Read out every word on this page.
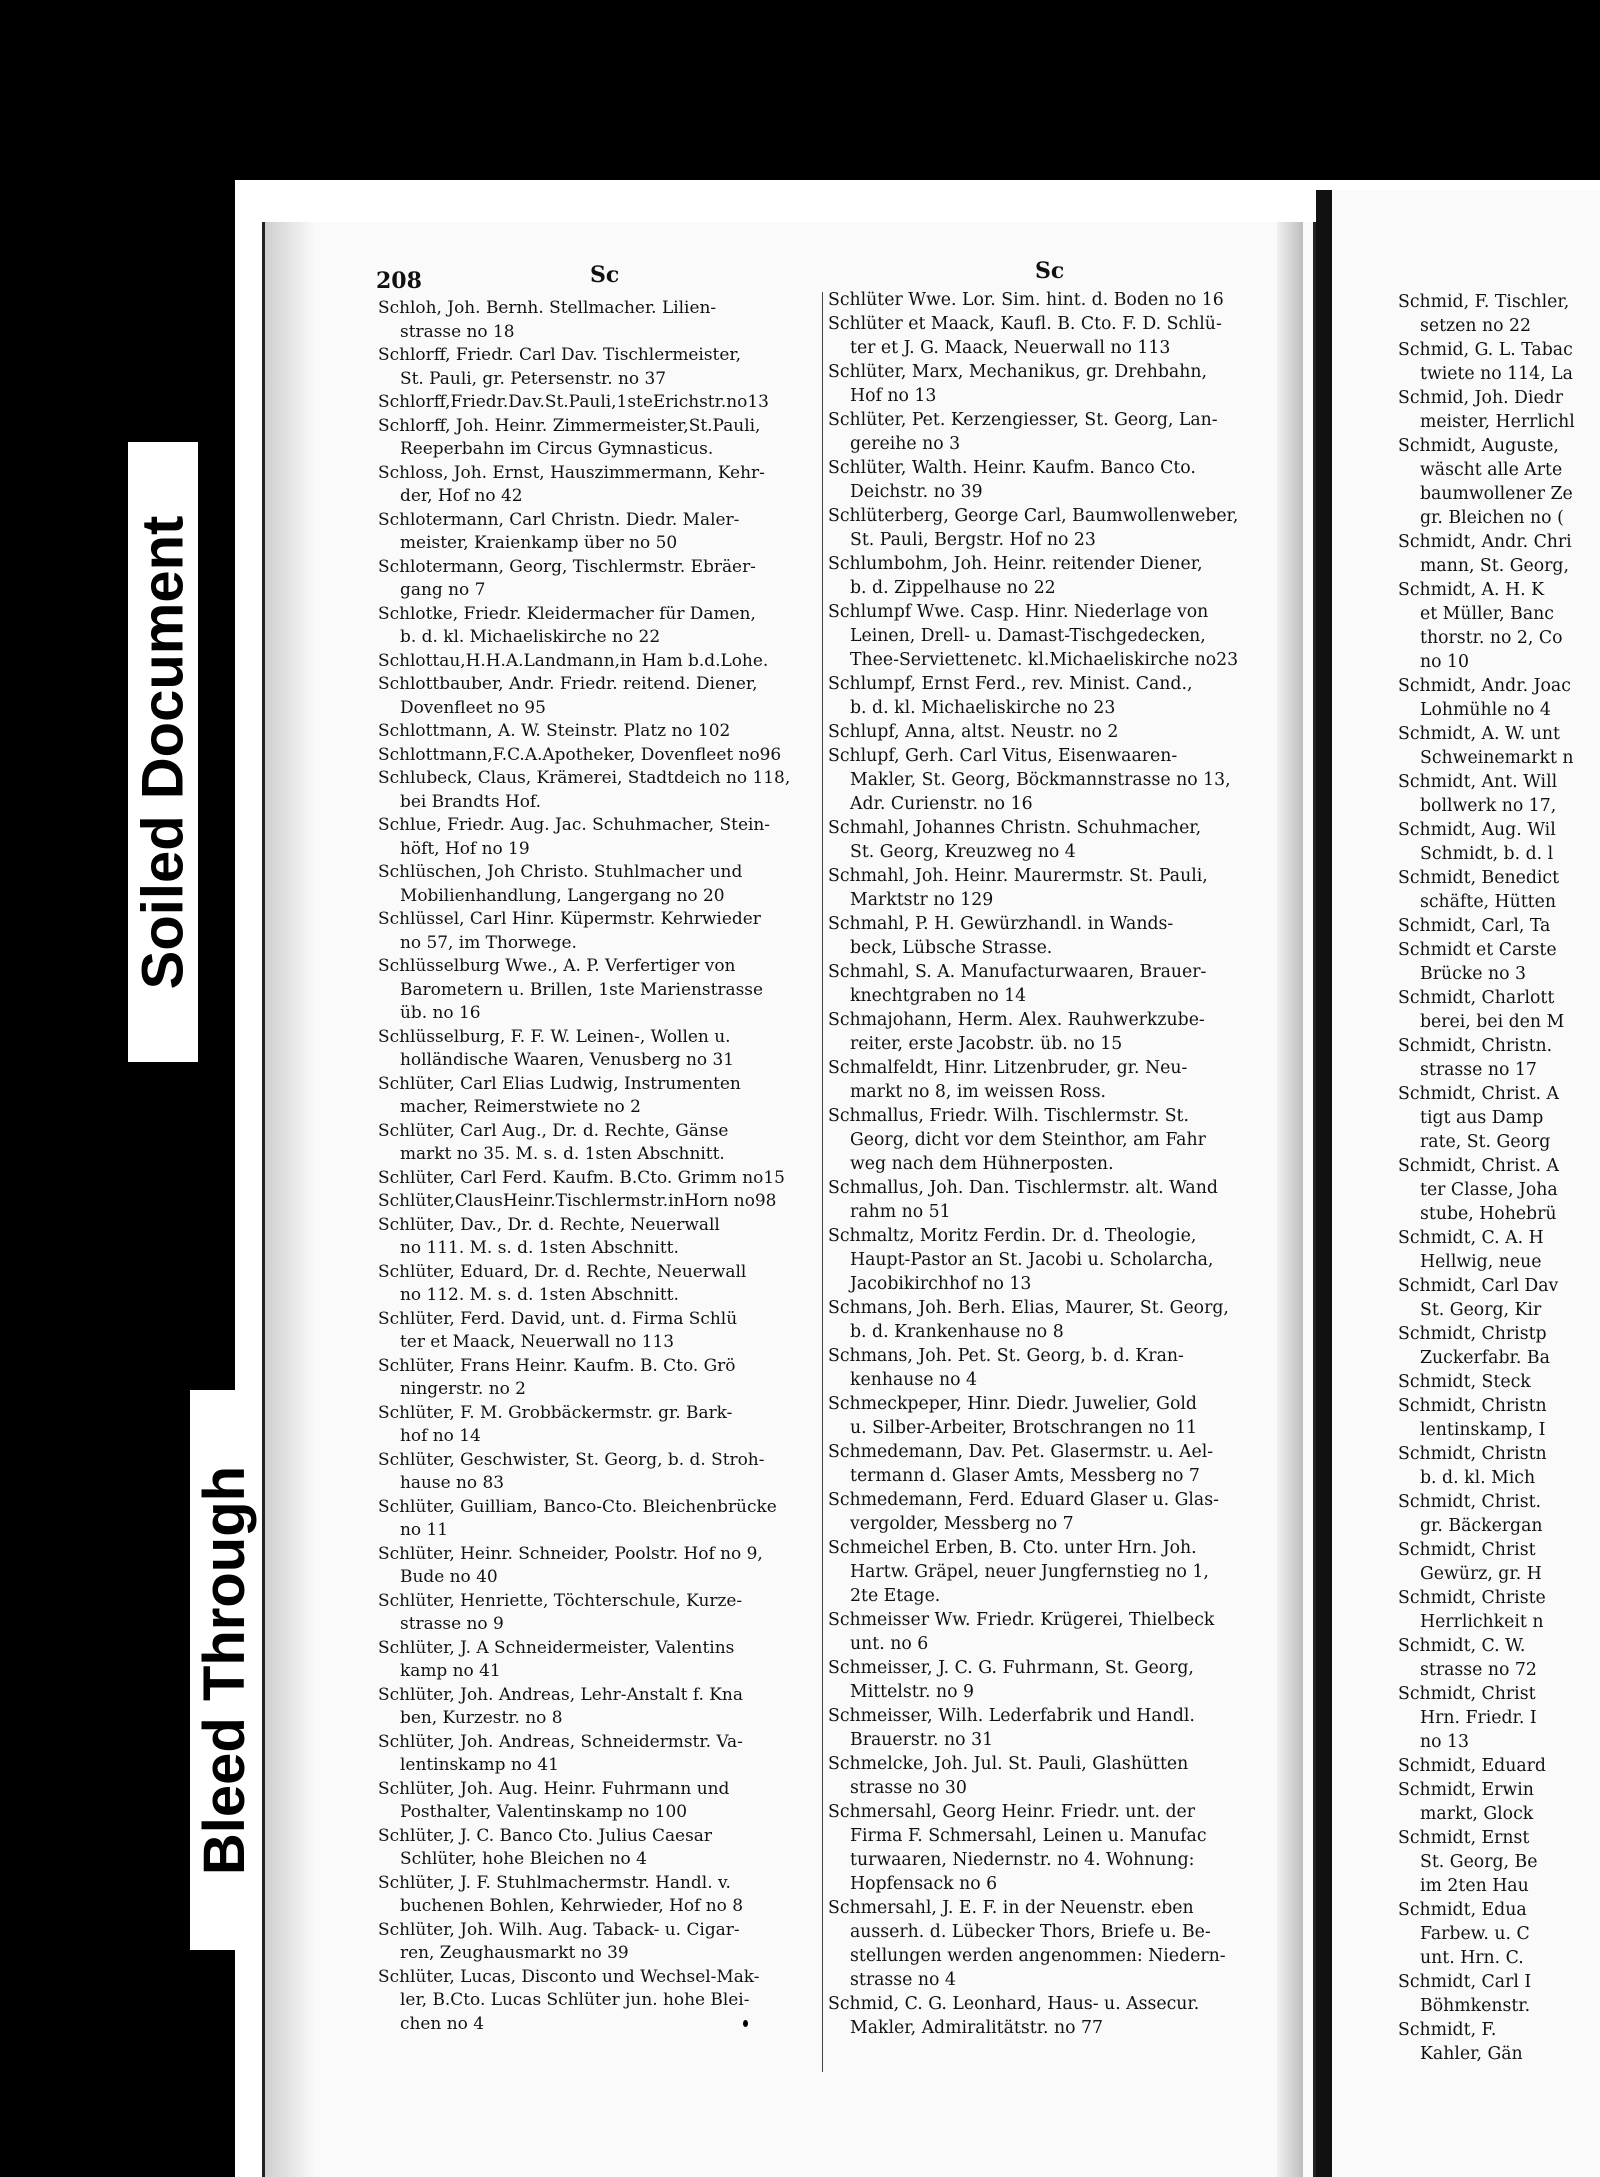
Soiled Document
Bleed Through
208	Sc	Sc
Schloh, Joh. Bernh. Stellmacher. Lilien-
strasse no 18
Schlorff, Friedr. Carl Dav. Tischlermeister,
St. Pauli, gr. Petersenstr. no 37
Schlorff,Friedr.Dav.St.Pauli,1steErichstr.no13
Schlorff, Joh. Heinr. Zimmermeister,St.Pauli,
Reeperbahn im Circus Gymnasticus.
Schloss, Joh. Ernst, Hauszimmermann, Kehr-
der, Hof no 42
Schlotermann, Carl Christn. Diedr. Maler-
meister, Kraienkamp über no 50
Schlotermann, Georg, Tischlermstr. Ebräer-
gang no 7
Schlotke, Friedr. Kleidermacher für Damen,
b. d. kl. Michaeliskirche no 22
Schlottau,H.H.A.Landmann,in Ham b.d.Lohe.
Schlottbauber, Andr. Friedr. reitend. Diener,
Dovenfleet no 95
Schlottmann, A. W. Steinstr. Platz no 102
Schlottmann,F.C.A.Apotheker, Dovenfleet no96
Schlubeck, Claus, Krämerei, Stadtdeich no 118,
bei Brandts Hof.
Schlue, Friedr. Aug. Jac. Schuhmacher, Stein-
höft, Hof no 19
Schlüschen, Joh Christo. Stuhlmacher und
Mobilienhandlung, Langergang no 20
Schlüssel, Carl Hinr. Küpermstr. Kehrwieder
no 57, im Thorwege.
Schlüsselburg Wwe., A. P. Verfertiger von
Barometern u. Brillen, 1ste Marienstrasse
üb. no 16
Schlüsselburg, F. F. W. Leinen-, Wollen u.
holländische Waaren, Venusberg no 31
Schlüter, Carl Elias Ludwig, Instrumenten
macher, Reimerstwiete no 2
Schlüter, Carl Aug., Dr. d. Rechte, Gänse
markt no 35. M. s. d. 1sten Abschnitt.
Schlüter, Carl Ferd. Kaufm. B.Cto. Grimm no15
Schlüter,ClausHeinr.Tischlermstr.inHorn no98
Schlüter, Dav., Dr. d. Rechte, Neuerwall
no 111. M. s. d. 1sten Abschnitt.
Schlüter, Eduard, Dr. d. Rechte, Neuerwall
no 112. M. s. d. 1sten Abschnitt.
Schlüter, Ferd. David, unt. d. Firma Schlü
ter et Maack, Neuerwall no 113
Schlüter, Frans Heinr. Kaufm. B. Cto. Grö
ningerstr. no 2
Schlüter, F. M. Grobbäckermstr. gr. Bark-
hof no 14
Schlüter, Geschwister, St. Georg, b. d. Stroh-
hause no 83
Schlüter, Guilliam, Banco-Cto. Bleichenbrücke
no 11
Schlüter, Heinr. Schneider, Poolstr. Hof no 9,
Bude no 40
Schlüter, Henriette, Töchterschule, Kurze-
strasse no 9
Schlüter, J. A Schneidermeister, Valentins
kamp no 41
Schlüter, Joh. Andreas, Lehr-Anstalt f. Kna
ben, Kurzestr. no 8
Schlüter, Joh. Andreas, Schneidermstr. Va-
lentinskamp no 41
Schlüter, Joh. Aug. Heinr. Fuhrmann und
Posthalter, Valentinskamp no 100
Schlüter, J. C. Banco Cto. Julius Caesar
Schlüter, hohe Bleichen no 4
Schlüter, J. F. Stuhlmachermstr. Handl. v.
buchenen Bohlen, Kehrwieder, Hof no 8
Schlüter, Joh. Wilh. Aug. Taback- u. Cigar-
ren, Zeughausmarkt no 39
Schlüter, Lucas, Disconto und Wechsel-Mak-
ler, B.Cto. Lucas Schlüter jun. hohe Blei-
chen no 4
Schlüter Wwe. Lor. Sim. hint. d. Boden no 16
Schlüter et Maack, Kaufl. B. Cto. F. D. Schlü-
ter et J. G. Maack, Neuerwall no 113
Schlüter, Marx, Mechanikus, gr. Drehbahn,
Hof no 13
Schlüter, Pet. Kerzengiesser, St. Georg, Lan-
gereihe no 3
Schlüter, Walth. Heinr. Kaufm. Banco Cto.
Deichstr. no 39
Schlüterberg, George Carl, Baumwollenweber,
St. Pauli, Bergstr. Hof no 23
Schlumbohm, Joh. Heinr. reitender Diener,
b. d. Zippelhause no 22
Schlumpf Wwe. Casp. Hinr. Niederlage von
Leinen, Drell- u. Damast-Tischgedecken,
Thee-Serviettenetc. kl.Michaeliskirche no23
Schlumpf, Ernst Ferd., rev. Minist. Cand.,
b. d. kl. Michaeliskirche no 23
Schlupf, Anna, altst. Neustr. no 2
Schlupf, Gerh. Carl Vitus, Eisenwaaren-
Makler, St. Georg, Böckmannstrasse no 13,
Adr. Curienstr. no 16
Schmahl, Johannes Christn. Schuhmacher,
St. Georg, Kreuzweg no 4
Schmahl, Joh. Heinr. Maurermstr. St. Pauli,
Marktstr no 129
Schmahl, P. H. Gewürzhandl. in Wands-
beck, Lübsche Strasse.
Schmahl, S. A. Manufacturwaaren, Brauer-
knechtgraben no 14
Schmajohann, Herm. Alex. Rauhwerkzube-
reiter, erste Jacobstr. üb. no 15
Schmalfeldt, Hinr. Litzenbruder, gr. Neu-
markt no 8, im weissen Ross.
Schmallus, Friedr. Wilh. Tischlermstr. St.
Georg, dicht vor dem Steinthor, am Fahr
weg nach dem Hühnerposten.
Schmallus, Joh. Dan. Tischlermstr. alt. Wand
rahm no 51
Schmaltz, Moritz Ferdin. Dr. d. Theologie,
Haupt-Pastor an St. Jacobi u. Scholarcha,
Jacobikirchhof no 13
Schmans, Joh. Berh. Elias, Maurer, St. Georg,
b. d. Krankenhause no 8
Schmans, Joh. Pet. St. Georg, b. d. Kran-
kenhause no 4
Schmeckpeper, Hinr. Diedr. Juwelier, Gold
u. Silber-Arbeiter, Brotschrangen no 11
Schmedemann, Dav. Pet. Glasermstr. u. Ael-
termann d. Glaser Amts, Messberg no 7
Schmedemann, Ferd. Eduard Glaser u. Glas-
vergolder, Messberg no 7
Schmeichel Erben, B. Cto. unter Hrn. Joh.
Hartw. Gräpel, neuer Jungfernstieg no 1,
2te Etage.
Schmeisser Ww. Friedr. Krügerei, Thielbeck
unt. no 6
Schmeisser, J. C. G. Fuhrmann, St. Georg,
Mittelstr. no 9
Schmeisser, Wilh. Lederfabrik und Handl.
Brauerstr. no 31
Schmelcke, Joh. Jul. St. Pauli, Glashütten
strasse no 30
Schmersahl, Georg Heinr. Friedr. unt. der
Firma F. Schmersahl, Leinen u. Manufac
turwaaren, Niedernstr. no 4. Wohnung:
Hopfensack no 6
Schmersahl, J. E. F. in der Neuenstr. eben
ausserh. d. Lübecker Thors, Briefe u. Be-
stellungen werden angenommen: Niedern-
strasse no 4
Schmid, C. G. Leonhard, Haus- u. Assecur.
Makler, Admiralitätstr. no 77
Schmid, F. Tischler,
setzen no 22
Schmid, G. L. Tabac
twiete no 114, La
Schmid, Joh. Diedr
meister, Herrlichl
Schmidt, Auguste,
wäscht alle Arte
baumwollener Ze
gr. Bleichen no (
Schmidt, Andr. Chri
mann, St. Georg,
Schmidt, A. H. K
et Müller, Banc
thorstr. no 2, Co
no 10
Schmidt, Andr. Joac
Lohmühle no 4
Schmidt, A. W. unt
Schweinemarkt n
Schmidt, Ant. Will
bollwerk no 17,
Schmidt, Aug. Wil
Schmidt, b. d. l
Schmidt, Benedict
schäfte, Hütten
Schmidt, Carl, Ta
Schmidt et Carste
Brücke no 3
Schmidt, Charlott
berei, bei den M
Schmidt, Christn.
strasse no 17
Schmidt, Christ. A
tigt aus Damp
rate, St. Georg
Schmidt, Christ. A
ter Classe, Joha
stube, Hohebrü
Schmidt, C. A. H
Hellwig, neue
Schmidt, Carl Dav
St. Georg, Kir
Schmidt, Christp
Zuckerfabr. Ba
Schmidt, Steck
Schmidt, Christn
lentinskamp, I
Schmidt, Christn
b. d. kl. Mich
Schmidt, Christ.
gr. Bäckergan
Schmidt, Christ
Gewürz, gr. H
Schmidt, Christe
Herrlichkeit n
Schmidt, C. W.
strasse no 72
Schmidt, Christ
Hrn. Friedr. I
no 13
Schmidt, Eduard
Schmidt, Erwin
markt, Glock
Schmidt, Ernst
St. Georg, Be
im 2ten Hau
Schmidt, Edua
Farbew. u. C
unt. Hrn. C.
Schmidt, Carl I
Böhmkenstr.
Schmidt, F.
Kahler, Gän
